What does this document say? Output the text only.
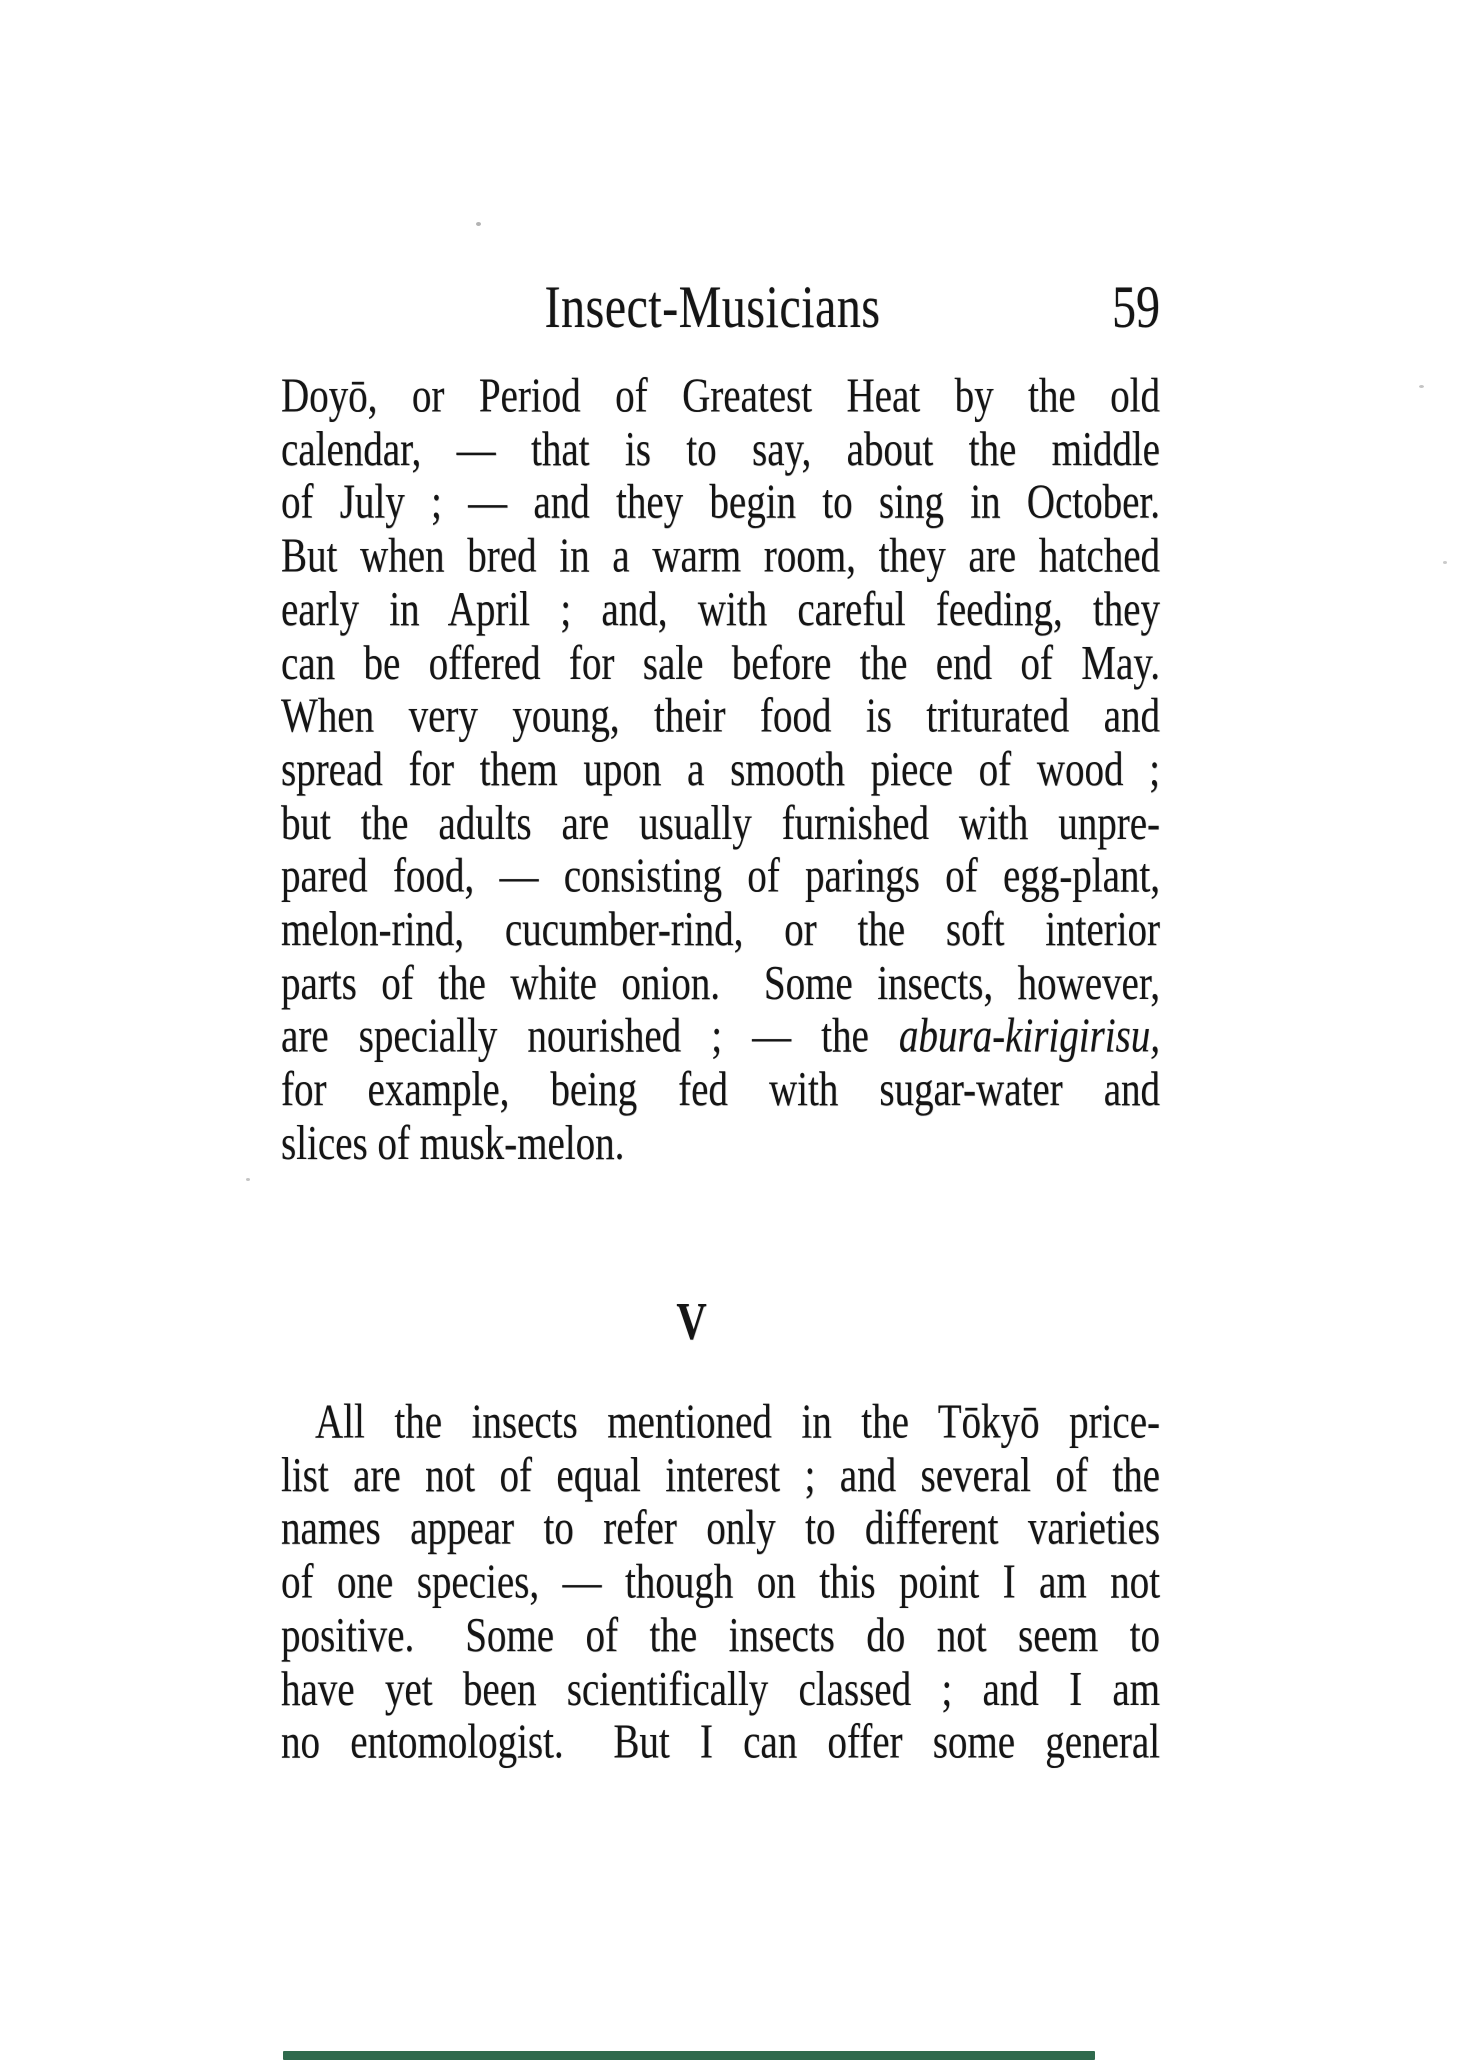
Insect-Musicians	59
Doyō, or Period of Greatest Heat by the old
calendar, — that is to say, about the middle
of July ; — and they begin to sing in October.
But when bred in a warm room, they are hatched
early in April ; and, with careful feeding, they
can be offered for sale before the end of May.
When very young, their food is triturated and
spread for them upon a smooth piece of wood ;
but the adults are usually furnished with unpre-
pared food, — consisting of parings of egg-plant,
melon-rind, cucumber-rind, or the soft interior
parts of the white onion.  Some insects, however,
are specially nourished ; — the abura-kirigirisu,
for example, being fed with sugar-water and
slices of musk-melon.
V
All the insects mentioned in the Tōkyō price-
list are not of equal interest ; and several of the
names appear to refer only to different varieties
of one species, — though on this point I am not
positive.  Some of the insects do not seem to
have yet been scientifically classed ; and I am
no entomologist.  But I can offer some general
